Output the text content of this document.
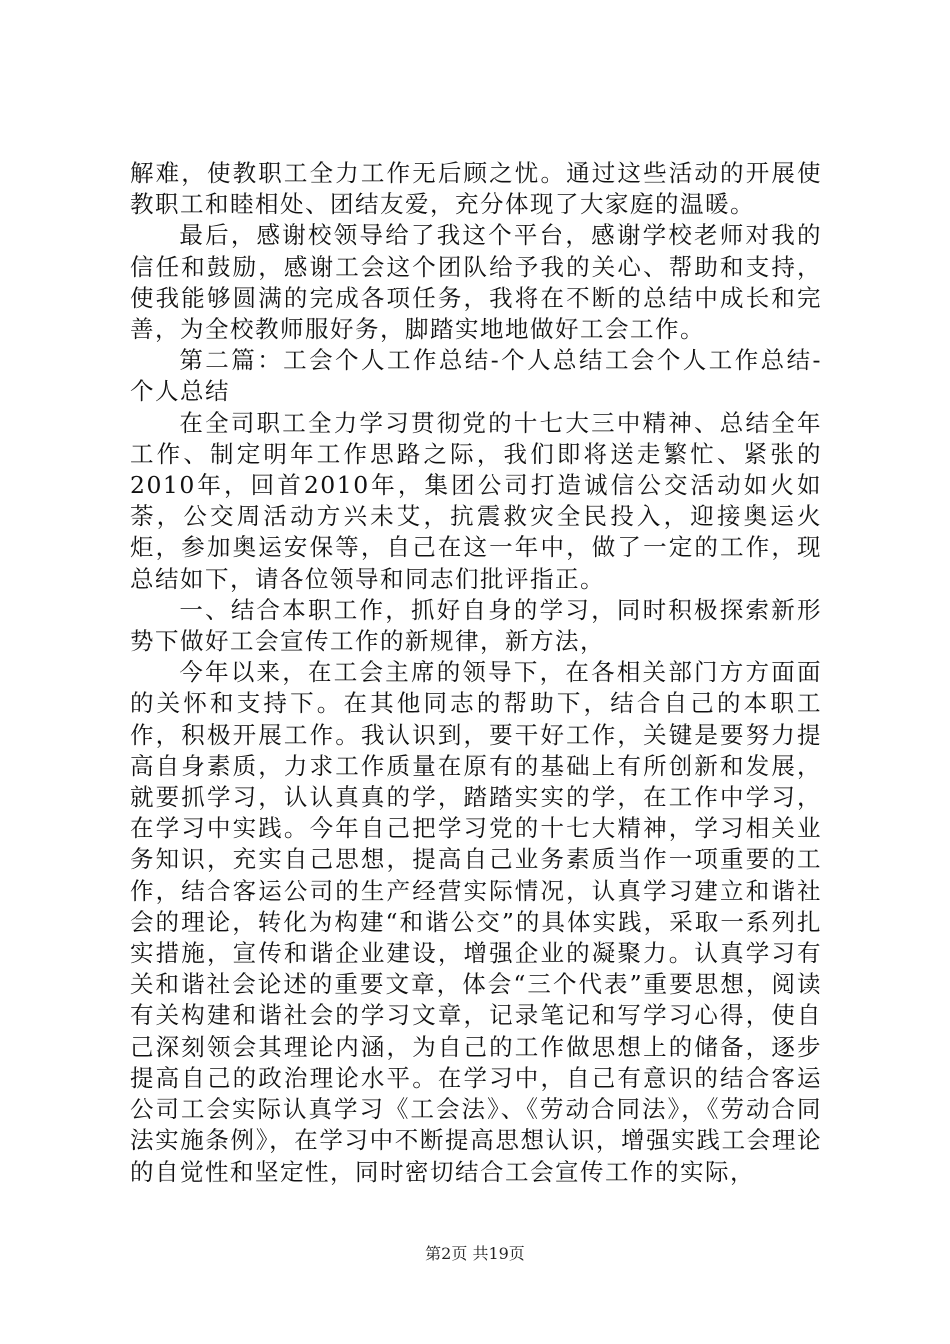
解难，使教职工全力工作无后顾之忧。通过这些活动的开展使教职工和睦相处、团结友爱，充分体现了大家庭的温暖。

最后，感谢校领导给了我这个平台，感谢学校老师对我的信任和鼓励，感谢工会这个团队给予我的关心、帮助和支持，使我能够圆满的完成各项任务，我将在不断的总结中成长和完善，为全校教师服好务，脚踏实地地做好工会工作。

第二篇：工会个人工作总结-个人总结工会个人工作总结-个人总结

在全司职工全力学习贯彻党的十七大三中精神、总结全年工作、制定明年工作思路之际，我们即将送走繁忙、紧张的2010年，回首2010年，集团公司打造诚信公交活动如火如荼，公交周活动方兴未艾，抗震救灾全民投入，迎接奥运火炬，参加奥运安保等，自己在这一年中，做了一定的工作，现总结如下，请各位领导和同志们批评指正。

一、结合本职工作，抓好自身的学习，同时积极探索新形势下做好工会宣传工作的新规律，新方法，

今年以来，在工会主席的领导下，在各相关部门方方面面的关怀和支持下。在其他同志的帮助下，结合自己的本职工作，积极开展工作。我认识到，要干好工作，关键是要努力提高自身素质，力求工作质量在原有的基础上有所创新和发展，就要抓学习，认认真真的学，踏踏实实的学，在工作中学习，在学习中实践。今年自己把学习党的十七大精神，学习相关业务知识，充实自己思想，提高自己业务素质当作一项重要的工作，结合客运公司的生产经营实际情况，认真学习建立和谐社会的理论，转化为构建“和谐公交”的具体实践，采取一系列扎实措施，宣传和谐企业建设，增强企业的凝聚力。认真学习有关和谐社会论述的重要文章，体会“三个代表”重要思想，阅读有关构建和谐社会的学习文章，记录笔记和写学习心得，使自己深刻领会其理论内涵，为自己的工作做思想上的储备，逐步提高自己的政治理论水平。在学习中，自己有意识的结合客运公司工会实际认真学习《工会法》、《劳动合同法》，《劳动合同法实施条例》，在学习中不断提高思想认识，增强实践工会理论的自觉性和坚定性，同时密切结合工会宣传工作的实际，

第2页 共19页
